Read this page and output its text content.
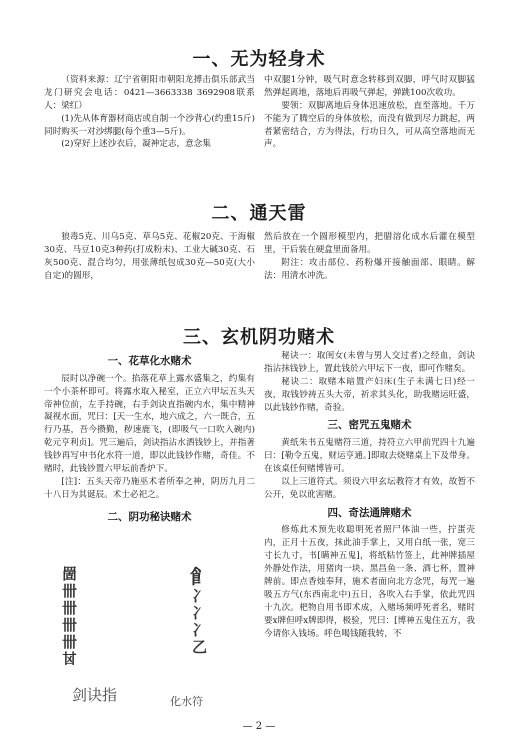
一、无为轻身术

（资料来源：辽宁省朝阳市朝阳龙搏击俱乐部武当龙门研究会电话：0421—3663338 3692908联系人：梁红）

(1)先从体育器材商店或自制一个沙背心(约重15斤)同时购买一对沙绑腿(每个重3—5斤)。

(2)穿好上述沙衣后，凝神定志，意念集

中双腿1分钟，吸气时意念转移到双脚，呼气时双脚猛然弹起离地，落地后再吸气弹起，弹跳100次收功。

要领：双脚离地后身体迅速放松，直至落地。千万不能为了腾空后的身体放松，而没有做到尽力跳起，两者紧密结合，方为得法，行功日久，可从高空落地而无声。

二、通天雷

狼毒5克、川乌5克、草乌5克、花椒20克、干海椒30克、马豆10克3种药(打成粉末)、工业大碱30克、石灰500克、混合均匀，用张薄纸包成30克—50克(大小自定)的圆形，

然后放在一个圆形模型内，把腊溶化成水后灌在模型里，干后装在硬盒里面备用。

附注：攻击部位、药粉爆开接触面部、眼睛。解法：用清水冲洗。

三、玄机阴功赌术
一、花草化水赌术

辰时以净碗一个。掐落花草上露水盛集之，约集有一个小茶杯即可。将露水取入秘室，正立六甲坛五头天帝神位前，左手持碗，右手剑诀直指碗内水，集中精神凝视水面，咒曰：[天一生水，地六成之，六一既合，五行乃基，吾今攒勤，秽速鹿飞，(即吸气一口吹入碗内)乾元亨利贞]。咒三遍后，剑诀指沾水洒钱钞上，并指著钱钞再写申书化水符一道，即以此钱钞作赌，奇佳。不赌时，此钱钞置六甲坛前香炉下。

[注]：五头天帝乃施巫术者所奉之神，阴历九月二十八日为其诞辰。术士必祀之。

二、阴功秘诀赌术

秘诀一：取闺女(未曾与男人交过者)之经血，剑诀指沾抹钱钞上，置此钱於六甲坛下一夜，即可作赌矣。

秘诀二：取赌本暗置产妇床(生子未满七日)经一夜，取钱钞祷五头大帝，祈求其头化，助我赌运旺盛，以此钱钞作赌，奇验。

三、密咒五鬼赌术

黄纸朱书五鬼赌符三道，持符立六甲前咒四十九遍曰：[勒令五鬼，财运亨通。]即取去烧赌桌上下及带身。在该桌任何赌博皆可。

以上三道符式。须设六甲玄坛教符才有效，故暂不公开，免以讹害赌。

四、奇法通牌赌术

修炼此术预先收聪明死者照尸体油一些，拧蛋壳内，正月十五夜，抹此油手掌上，又用白纸一张，宽三寸长九寸，书[瞒神五鬼]，将纸粘竹签上，此神牌插屋外静处作法，用猪肉一块、黑昌鱼一条、酒七杯，置神牌前。即点香烛奉拜，施术者面向北方念咒，每咒一遍吸五方气(东西南北中)五日，各吹入右手掌，依此咒四十九次。杷物自用书即术成，入赌场频呼死者名，赌时要x牌但呼x牌即得，极验，咒曰：[博神五鬼住五方，我今请你入钱场。呼色喝钱随我转，不

䍛
卌
卌
卌
卌
𠀠
剑诀指
𩙿
冫
冫
冫
乙
化水符
— 2 —
